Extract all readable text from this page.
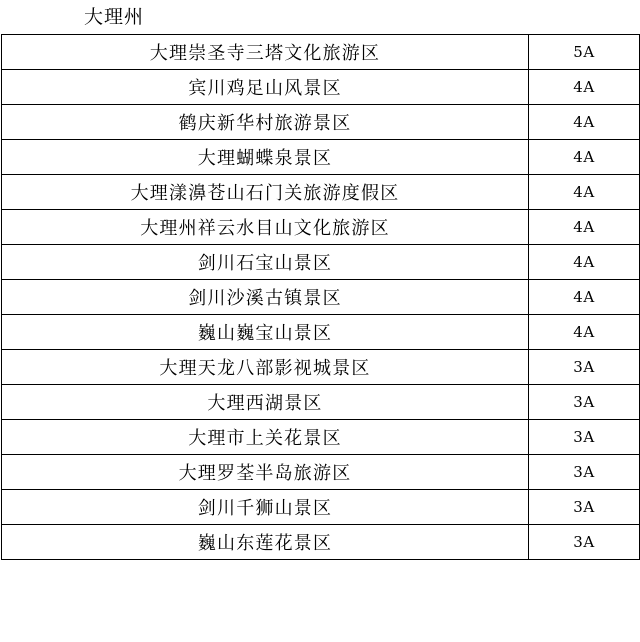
大理州
大理崇圣寺三塔文化旅游区	5A
宾川鸡足山风景区	4A
鹤庆新华村旅游景区	4A
大理蝴蝶泉景区	4A
大理漾濞苍山石门关旅游度假区	4A
大理州祥云水目山文化旅游区	4A
剑川石宝山景区	4A
剑川沙溪古镇景区	4A
巍山巍宝山景区	4A
大理天龙八部影视城景区	3A
大理西湖景区	3A
大理市上关花景区	3A
大理罗荃半岛旅游区	3A
剑川千狮山景区	3A
巍山东莲花景区	3A
